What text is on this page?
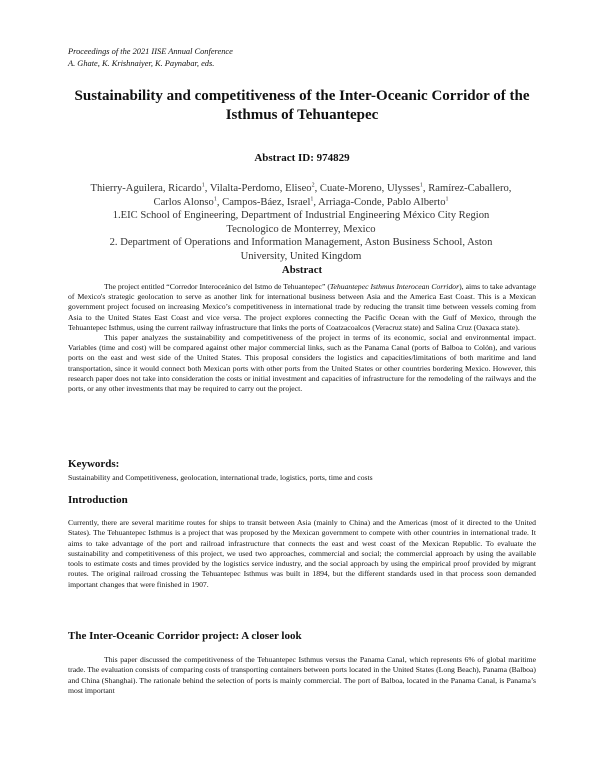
Proceedings of the 2021 IISE Annual Conference
A. Ghate, K. Krishnaiyer, K. Paynabar, eds.
Sustainability and competitiveness of the Inter-Oceanic Corridor of the Isthmus of Tehuantepec
Abstract ID: 974829

Thierry-Aguilera, Ricardo$^1$, Vilalta-Perdomo, Eliseo$^2$, Cuate-Moreno, Ulysses$^1$, Ramírez-Caballero, Carlos Alonso$^1$, Campos-Báez, Israel$^1$, Arriaga-Conde, Pablo Alberto$^1$

1.EIC School of Engineering, Department of Industrial Engineering México City Region Tecnologico de Monterrey, Mexico

2. Department of Operations and Information Management, Aston Business School, Aston University, United Kingdom

Abstract

The project entitled “Corredor Interoceánico del Istmo de Tehuantepec” (Tehuantepec Isthmus Interocean Corridor), aims to take advantage of Mexico's strategic geolocation to serve as another link for international business between Asia and the America East Coast. This is a Mexican government project focused on increasing Mexico’s competitiveness in international trade by reducing the transit time between vessels coming from Asia to the United States East Coast and vice versa. The project explores connecting the Pacific Ocean with the Gulf of Mexico, through the Tehuantepec Isthmus, using the current railway infrastructure that links the ports of Coatzacoalcos (Veracruz state) and Salina Cruz (Oaxaca state).

This paper analyzes the sustainability and competitiveness of the project in terms of its economic, social and environmental impact. Variables (time and cost) will be compared against other major commercial links, such as the Panama Canal (ports of Balboa to Colón), and various ports on the east and west side of the United States. This proposal considers the logistics and capacities/limitations of both maritime and land transportation, since it would connect both Mexican ports with other ports from the United States or other countries bordering Mexico. However, this research paper does not take into consideration the costs or initial investment and capacities of infrastructure for the remodeling of the railways and the ports, or any other investments that may be required to carry out the project.

Keywords:
Sustainability and Competitiveness, geolocation, international trade, logistics, ports, time and costs
Introduction

Currently, there are several maritime routes for ships to transit between Asia (mainly to China) and the Americas (most of it directed to the United States). The Tehuantepec Isthmus is a project that was proposed by the Mexican government to compete with other countries in international trade. It aims to take advantage of the port and railroad infrastructure that connects the east and west coast of the Mexican Republic. To evaluate the sustainability and competitiveness of this project, we used two approaches, commercial and social; the commercial approach by using the available tools to estimate costs and times provided by the logistics service industry, and the social approach by using the empirical proof provided by migrant routes. The original railroad crossing the Tehuantepec Isthmus was built in 1894, but the different standards used in that process soon demanded important changes that were finished in 1907.

The Inter-Oceanic Corridor project: A closer look

This paper discussed the competitiveness of the Tehuantepec Isthmus versus the Panama Canal, which represents 6% of global maritime trade. The evaluation consists of comparing costs of transporting containers between ports located in the United States (Long Beach), Panama (Balboa) and China (Shanghai). The rationale behind the selection of ports is mainly commercial. The port of Balboa, located in the Panama Canal, is Panama’s most important
